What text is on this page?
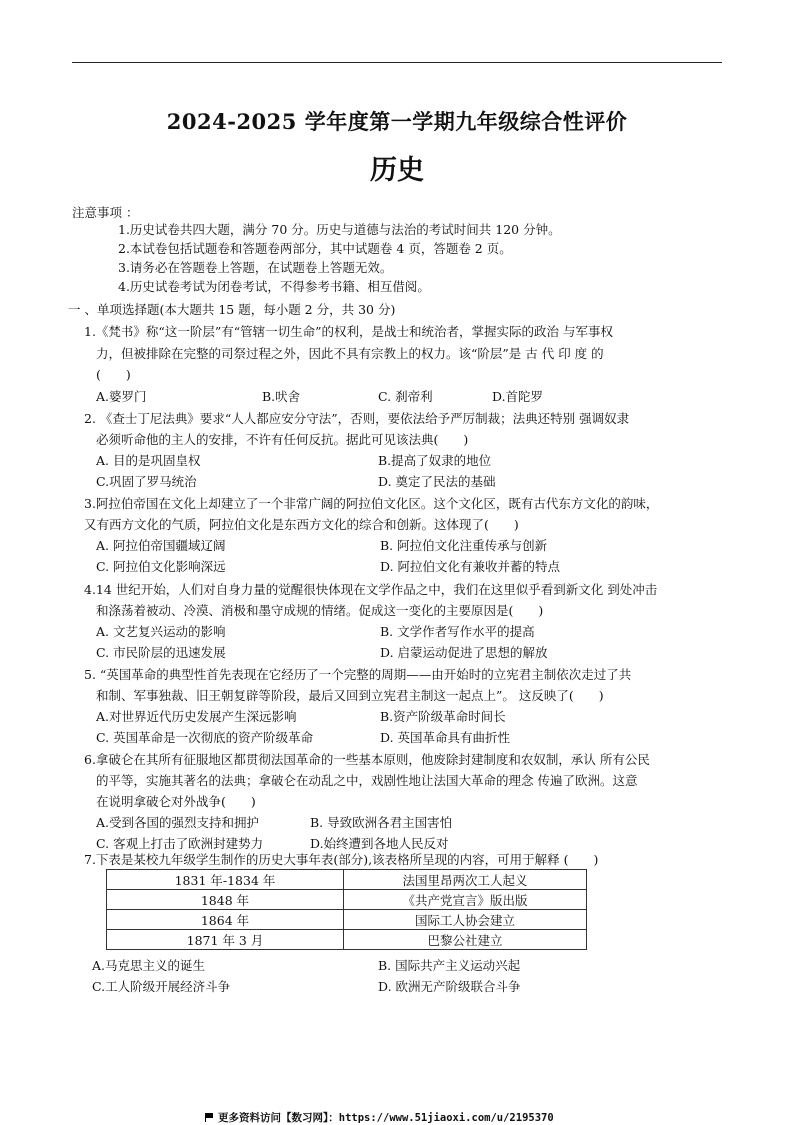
2024-2025 学年度第一学期九年级综合性评价
历史
注意事项 ：
1.历史试卷共四大题，满分 70 分。历史与道德与法治的考试时间共 120 分钟。
2.本试卷包括试题卷和答题卷两部分，其中试题卷 4 页，答题卷 2 页。
3.请务必在答题卷上答题，在试题卷上答题无效。
4.历史试卷考试为闭卷考试，不得参考书籍、相互借阅。
一 、单项选择题(本大题共 15 题，每小题 2 分，共 30 分)
1.《梵书》称“这一阶层”有“管辖一切生命”的权利，是战士和统治者，掌握实际的政治 与军事权
力，但被排除在完整的司祭过程之外，因此不具有宗教上的权力。该“阶层”是 古 代 印 度 的
(　　)
A.婆罗门	B.吠舍	C. 刹帝利	D.首陀罗
2. 《查士丁尼法典》要求“人人都应安分守法”，否则，要依法给予严厉制裁；法典还特别 强调奴隶
必须听命他的主人的安排，不许有任何反抗。据此可见该法典(　　)
A. 目的是巩固皇权	B.提高了奴隶的地位
C.巩固了罗马统治	D. 奠定了民法的基础
3.阿拉伯帝国在文化上却建立了一个非常广阔的阿拉伯文化区。这个文化区，既有古代东方文化的韵味，
又有西方文化的气质，阿拉伯文化是东西方文化的综合和创新。这体现了(　　)
A. 阿拉伯帝国疆域辽阔	B. 阿拉伯文化注重传承与创新
C. 阿拉伯文化影响深远	D. 阿拉伯文化有兼收并蓄的特点
4.14 世纪开始，人们对自身力量的觉醒很快体现在文学作品之中，我们在这里似乎看到新文化 到处冲击
和涤荡着被动、冷漠、消极和墨守成规的情绪。促成这一变化的主要原因是(　　)
A. 文艺复兴运动的影响	B. 文学作者写作水平的提高
C. 市民阶层的迅速发展	D. 启蒙运动促进了思想的解放
5. “英国革命的典型性首先表现在它经历了一个完整的周期——由开始时的立宪君主制依次走过了共
和制、军事独裁、旧王朝复辟等阶段，最后又回到立宪君主制这一起点上”。 这反映了(　　)
A.对世界近代历史发展产生深远影响	B.资产阶级革命时间长
C. 英国革命是一次彻底的资产阶级革命	D. 英国革命具有曲折性
6.拿破仑在其所有征服地区都贯彻法国革命的一些基本原则，他废除封建制度和农奴制，承认 所有公民
的平等，实施其著名的法典；拿破仑在动乱之中，戏剧性地让法国大革命的理念 传遍了欧洲。这意
在说明拿破仑对外战争(　　)
A.受到各国的强烈支持和拥护	B. 导致欧洲各君主国害怕
C. 客观上打击了欧洲封建势力	D.始终遭到各地人民反对
7.下表是某校九年级学生制作的历史大事年表(部分),该表格所呈现的内容，可用于解释 (　　)
1831 年-1834 年	法国里昂两次工人起义
1848 年	《共产党宣言》版出版
1864 年	国际工人协会建立
1871 年 3 月	巴黎公社建立
A.马克思主义的诞生	B. 国际共产主义运动兴起
C.工人阶级开展经济斗争	D. 欧洲无产阶级联合斗争
更多资料访问【数习网】：https://www.51jiaoxi.com/u/2195370
